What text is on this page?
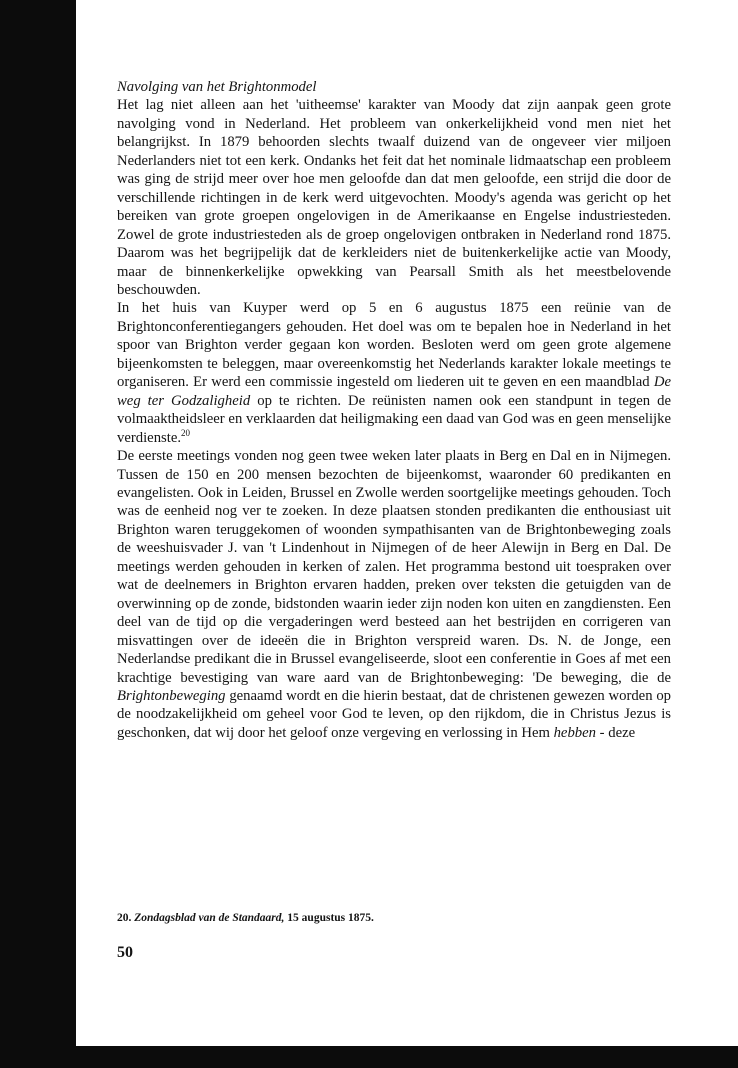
Navolging van het Brightonmodel

Het lag niet alleen aan het 'uitheemse' karakter van Moody dat zijn aanpak geen grote navolging vond in Nederland. Het probleem van onkerkelijkheid vond men niet het belangrijkst. In 1879 behoorden slechts twaalf duizend van de ongeveer vier miljoen Nederlanders niet tot een kerk. Ondanks het feit dat het nominale lidmaatschap een probleem was ging de strijd meer over hoe men geloofde dan dat men geloofde, een strijd die door de verschillende richtingen in de kerk werd uitgevochten. Moody's agenda was gericht op het bereiken van grote groepen ongelovigen in de Amerikaanse en Engelse industriesteden. Zowel de grote industriesteden als de groep ongelovigen ontbraken in Nederland rond 1875. Daarom was het begrijpelijk dat de kerkleiders niet de buitenkerkelijke actie van Moody, maar de binnenkerkelijke opwekking van Pearsall Smith als het meestbelovende beschouwden.

In het huis van Kuyper werd op 5 en 6 augustus 1875 een reünie van de Brightonconferentiegangers gehouden. Het doel was om te bepalen hoe in Nederland in het spoor van Brighton verder gegaan kon worden. Besloten werd om geen grote algemene bijeenkomsten te beleggen, maar overeenkomstig het Nederlands karakter lokale meetings te organiseren. Er werd een commissie ingesteld om liederen uit te geven en een maandblad De weg ter Godzaligheid op te richten. De reünisten namen ook een standpunt in tegen de volmaaktheidsleer en verklaarden dat heiligmaking een daad van God was en geen menselijke verdienste.$^{20}$

De eerste meetings vonden nog geen twee weken later plaats in Berg en Dal en in Nijmegen. Tussen de 150 en 200 mensen bezochten de bijeenkomst, waaronder 60 predikanten en evangelisten. Ook in Leiden, Brussel en Zwolle werden soortgelijke meetings gehouden. Toch was de eenheid nog ver te zoeken. In deze plaatsen stonden predikanten die enthousiast uit Brighton waren teruggekomen of woonden sympathisanten van de Brightonbeweging zoals de weeshuisvader J. van 't Lindenhout in Nijmegen of de heer Alewijn in Berg en Dal. De meetings werden gehouden in kerken of zalen. Het programma bestond uit toespraken over wat de deelnemers in Brighton ervaren hadden, preken over teksten die getuigden van de overwinning op de zonde, bidstonden waarin ieder zijn noden kon uiten en zangdiensten. Een deel van de tijd op die vergaderingen werd besteed aan het bestrijden en corrigeren van misvattingen over de ideeën die in Brighton verspreid waren. Ds. N. de Jonge, een Nederlandse predikant die in Brussel evangeliseerde, sloot een conferentie in Goes af met een krachtige bevestiging van ware aard van de Brightonbeweging: 'De beweging, die de Brightonbeweging genaamd wordt en die hierin bestaat, dat de christenen gewezen worden op de noodzakelijkheid om geheel voor God te leven, op den rijkdom, die in Christus Jezus is geschonken, dat wij door het geloof onze vergeving en verlossing in Hem hebben - deze

20. Zondagsblad van de Standaard, 15 augustus 1875.
50
